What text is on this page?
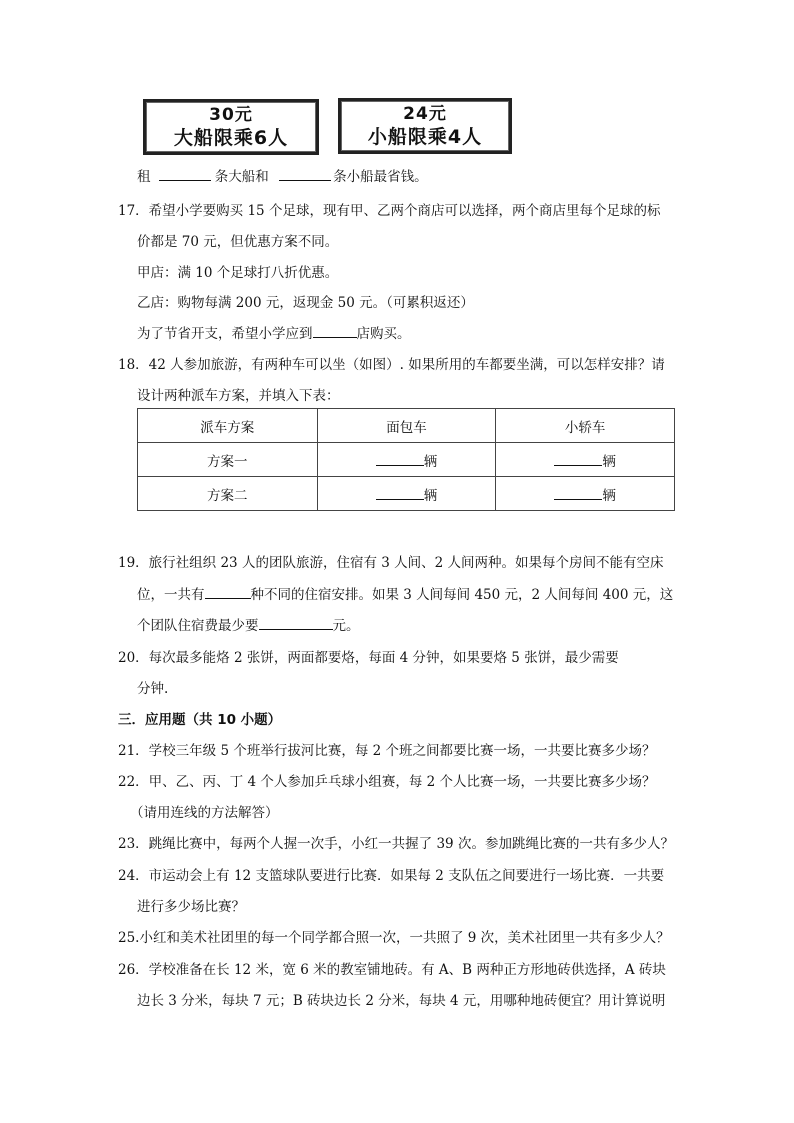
30元
大船限乘6人
24元
小船限乘4人
租	条大船和	条小船最省钱。
17．希望小学要购买 15 个足球，现有甲、乙两个商店可以选择，两个商店里每个足球的标
价都是 70 元，但优惠方案不同。
甲店：满 10 个足球打八折优惠。
乙店：购物每满 200 元，返现金 50 元。（可累积返还）
为了节省开支，希望小学应到	店购买。
18．42 人参加旅游，有两种车可以坐（如图）. 如果所用的车都要坐满，可以怎样安排？请
设计两种派车方案，并填入下表：
派车方案	面包车	小轿车
方案一	辆	辆
方案二	辆	辆
19．旅行社组织 23 人的团队旅游，住宿有 3 人间、2 人间两种。如果每个房间不能有空床
位，一共有	种不同的住宿安排。如果 3 人间每间 450 元，2 人间每间 400 元，这
个团队住宿费最少要	元。
20．每次最多能烙 2 张饼，两面都要烙，每面 4 分钟，如果要烙 5 张饼，最少需要
分钟.
三．应用题（共 10 小题）
21．学校三年级 5 个班举行拔河比赛，每 2 个班之间都要比赛一场，一共要比赛多少场？
22．甲、乙、丙、丁 4 个人参加乒乓球小组赛，每 2 个人比赛一场，一共要比赛多少场？
（请用连线的方法解答）
23．跳绳比赛中，每两个人握一次手，小红一共握了 39 次。参加跳绳比赛的一共有多少人？
24．市运动会上有 12 支篮球队要进行比赛．如果每 2 支队伍之间要进行一场比赛．一共要
进行多少场比赛？
25.小红和美术社团里的每一个同学都合照一次，一共照了 9 次，美术社团里一共有多少人？
26．学校准备在长 12 米，宽 6 米的教室铺地砖。有 A、B 两种正方形地砖供选择，A 砖块
边长 3 分米，每块 7 元；B 砖块边长 2 分米，每块 4 元，用哪种地砖便宜？用计算说明
